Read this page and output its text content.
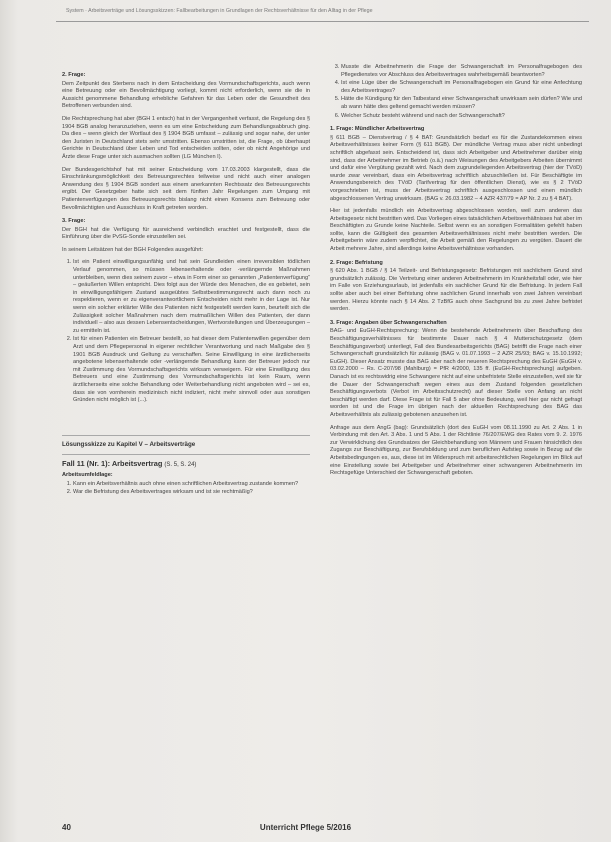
System · Arbeitsverträge und Lösungsskizzen: Fallbearbeitungen in Grundlagen der Rechtsverhältnisse für den Alltag in der Pflege
2. Frage:

Dem Zeitpunkt des Sterbens nach in dem Entscheidung des Vormundschaftsgerichts, auch wenn eine Betreuung oder ein Bevollmächtigung vorliegt, kommt nicht erforderlich, wenn sie die in Aussicht genommene Behandlung erhebliche Gefahren für das Leben oder die Gesundheit des Betroffenen verbunden sind.

Die Rechtsprechung hat aber (BGH 1 entsch) hat in der Vergangenheit verfasst, die Regelung des § 1904 BGB analog heranzuziehen, wenn es um eine Entscheidung zum Behandlungsabbruch ging. Da dies – wenn gleich der Wortlaut des § 1904 BGB umfasst – zulässig und sogar nahe, der unter den Juristen in Deutschland stets sehr umstritten. Ebenso umstritten ist, die Frage, ob überhaupt Gerichte in Deutschland über Leben und Tod entscheiden sollten, oder ob nicht Angehörige und Ärzte diese Frage unter sich ausmachen sollten (LG München I).

Der Bundesgerichtshof hat mit seiner Entscheidung vom 17.03.2003 klargestellt, dass die Einschränkungsmöglichkeit des Betreuungsrechtes teilweise und nicht auch einer analogen Anwendung des § 1904 BGB sondert aus einem anerkannten Rechtssatz des Betreuungsrechts ergibt. Der Gesetzgeber hatte sich seit dem fünften Jahr Regelungen zum Umgang mit Patientenverfügungen des Betreuungsrechts bislang nicht einen Konsens zum Betreuung oder Bevollmächtigten und Ausschluss in Kraft getreten worden.

3. Frage:

Der BGH hat die Verfügung für ausreichend verbindlich erachtet und festgestellt, dass die Einführung über die PvSG-Sonde einzustellen sei.

In seinem Leitsätzen hat der BGH Folgendes ausgeführt:

1. Ist ein Patient einwilligungsunfähig und hat sein Grundleiden einen irreversiblen tödlichen Verlauf genommen, so müssen lebenserhaltende oder -verlängernde Maßnahmen unterbleiben, wenn dies seinem zuvor – etwa in Form einer so genannten „Patientenverfügung“ – geäußerten Willen entspricht. Dies folgt aus der Würde des Menschen, die es gebietet, sein in einwilligungsfähigem Zustand ausgeübtes Selbstbestimmungsrecht auch dann noch zu respektieren, wenn er zu eigenverantwortlichem Entscheiden nicht mehr in der Lage ist. Nur wenn ein solcher erklärter Wille des Patienten nicht festgestellt werden kann, beurteilt sich die Zulässigkeit solcher Maßnahmen nach dem mutmaßlichen Willen des Patienten, der dann individuell – also aus dessen Lebensentscheidungen, Wertvorstellungen und Überzeugungen – zu ermitteln ist.
2. Ist für einen Patienten ein Betreuer bestellt, so hat dieser dem Patientenwillen gegenüber dem Arzt und dem Pflegepersonal in eigener rechtlicher Verantwortung und nach Maßgabe des § 1901 BGB Ausdruck und Geltung zu verschaffen. Seine Einwilligung in eine ärztlicherseits angebotene lebenserhaltende oder -verlängernde Behandlung kann der Betreuer jedoch nur mit Zustimmung des Vormundschaftsgerichts wirksam verweigern. Für eine Einwilligung des Betreuers und eine Zustimmung des Vormundschaftsgerichts ist kein Raum, wenn ärztlicherseits eine solche Behandlung oder Weiterbehandlung nicht angeboten wird – sei es, dass sie von vornherein medizinisch nicht indiziert, nicht mehr sinnvoll oder aus sonstigen Gründen nicht möglich ist (...).
Lösungsskizze zu Kapitel V – Arbeitsverträge
Fall 11 (Nr. 1): Arbeitsvertrag (S. 5, S. 24)
Arbeitsumfeldlage:
1. Kann ein Arbeitsverhältnis auch ohne einen schriftlichen Arbeitsvertrag zustande kommen?
2. War die Befristung des Arbeitsvertrages wirksam und ist sie rechtmäßig?
3. Musste die Arbeitnehmerin die Frage der Schwangerschaft im Personalfragebogen des Pflegedienstes vor Abschluss des Arbeitsvertrages wahrheitsgemäß beantworten?
4. Ist eine Lüge über die Schwangerschaft im Personalfragebogen ein Grund für eine Anfechtung des Arbeitsvertrages?
5. Hätte die Kündigung für den Tatbestand einer Schwangerschaft unwirksam sein dürfen? Wie und ab wann hätte dies geltend gemacht werden müssen?
6. Welcher Schutz besteht während und nach der Schwangerschaft?
1. Frage: Mündlicher Arbeitsvertrag

§ 611 BGB – Dienstvertrag / § 4 BAT: Grundsätzlich bedarf es für die Zustandekommen eines Arbeitsverhältnisses keiner Form (§ 611 BGB). Der mündliche Vertrag muss aber nicht unbedingt schriftlich abgefasst sein. Entscheidend ist, dass sich Arbeitgeber und Arbeitnehmer darüber einig sind, dass der Arbeitnehmer im Betrieb (o.ä.) nach Weisungen des Arbeitgebers Arbeiten übernimmt und dafür eine Vergütung gezahlt wird. Nach dem zugrundeliegenden Arbeitsvertrag (hier der TVöD) wurde zwar vereinbart, dass ein Arbeitsvertrag schriftlich abzuschließen ist. Für Beschäftigte im Anwendungsbereich des TVöD (Tarifvertrag für den öffentlichen Dienst), wie es § 2 TVöD vorgeschrieben ist, muss der Arbeitsvertrag schriftlich ausgeschlossen und einen mündlich abgeschlossenen Vertrag unwirksam. (BAG v. 26.03.1982 – 4 AZR 437/79 = AP Nr. 2 zu § 4 BAT).

Hier ist jedenfalls mündlich ein Arbeitsvertrag abgeschlossen worden, weil zum anderen das Arbeitsgesetz nicht bestritten wird. Das Vorliegen eines tatsächlichen Arbeitsverhältnisses hat aber im Beschäftigten zu Grunde keine Nachteile. Selbst wenn es an sonstigen Formalitäten gefehlt haben sollte, kann die Gültigkeit des gesamten Arbeitsverhältnisses nicht mehr bestritten werden. Die Arbeitgeberin wäre zudem verpflichtet, die Arbeit gemäß den Regelungen zu vergüten. Dauert die Arbeit mehrere Jahre, sind allerdings keine Arbeitsverhältnisse vorhanden.

2. Frage: Befristung

§ 620 Abs. 1 BGB / § 14 Teilzeit- und Befristungsgesetz: Befristungen mit sachlichem Grund sind grundsätzlich zulässig. Die Vertretung einer anderen Arbeitnehmerin im Krankheitsfall oder, wie hier im Falle von Erziehungsurlaub, ist jedenfalls ein sachlicher Grund für die Befristung. In jedem Fall sollte aber auch bei einer Befristung ohne sachlichen Grund innerhalb von zwei Jahren vereinbart werden. Hierzu könnte nach § 14 Abs. 2 TzBfG auch ohne Sachgrund bis zu zwei Jahre befristet werden.

3. Frage: Angaben über Schwangerschaften

BAG- und EuGH-Rechtsprechung: Wenn die bestehende Arbeitnehmerin über Beschaffung des Beschäftigungsverhältnisses für bestimmte Dauer nach § 4 Mutterschutzgesetz (dem Beschäftigungsverbot) unterliegt, Fall des Bundesarbeitsgerichts (BAG) betrifft die Frage nach einer Schwangerschaft grundsätzlich für zulässig (BAG v. 01.07.1993 – 2 AZR 25/93; BAG v. 15.10.1992; EuGH). Dieser Ansatz musste das BAG aber nach der neueren Rechtsprechung des EuGH (EuGH v. 03.02.2000 – Rs. C-207/98 (Mahlburg) = PfR 4/2000, 135 ff. (EuGH-Rechtsprechung) aufgeben. Danach ist es rechtswidrig eine Schwangere nicht auf eine unbefristete Stelle einzustellen, weil sie für die Dauer der Schwangerschaft wegen eines aus dem Zustand folgenden gesetzlichen Beschäftigungsverbots (Verbot im Arbeitsschutzrecht) auf dieser Stelle von Anfang an nicht beschäftigt werden darf. Diese Frage ist für Fall 5 aber ohne Bedeutung, weil hier gar nicht gefragt worden ist und die Frage im übrigen nach der aktuellen Rechtsprechung des BAG das Arbeitsverhältnis als zulässig gebotenen anzusehen ist.

Anfrage aus dem AngG (bag): Grundsätzlich (dort des EuGH vom 08.11.1990 zu Art. 2 Abs. 1 in Verbindung mit den Art. 3 Abs. 1 und 5 Abs. 1 der Richtlinie 76/207/EWG des Rates vom 9. 2. 1976 zur Verwirklichung des Grundsatzes der Gleichbehandlung von Männern und Frauen hinsichtlich des Zugangs zur Beschäftigung, zur Berufsbildung und zum beruflichen Aufstieg sowie in Bezug auf die Arbeitsbedingungen es, aus, diese ist im Widerspruch mit arbeitsrechtlichen Regelungen im Blick auf eine Einstellung sowie bei Arbeitgeber und Arbeitnehmer einer schwangeren Arbeitnehmerin im Rechtsgefüge Unterschied der Schwangerschaft geboten.

40	Unterricht Pflege 5/2016
